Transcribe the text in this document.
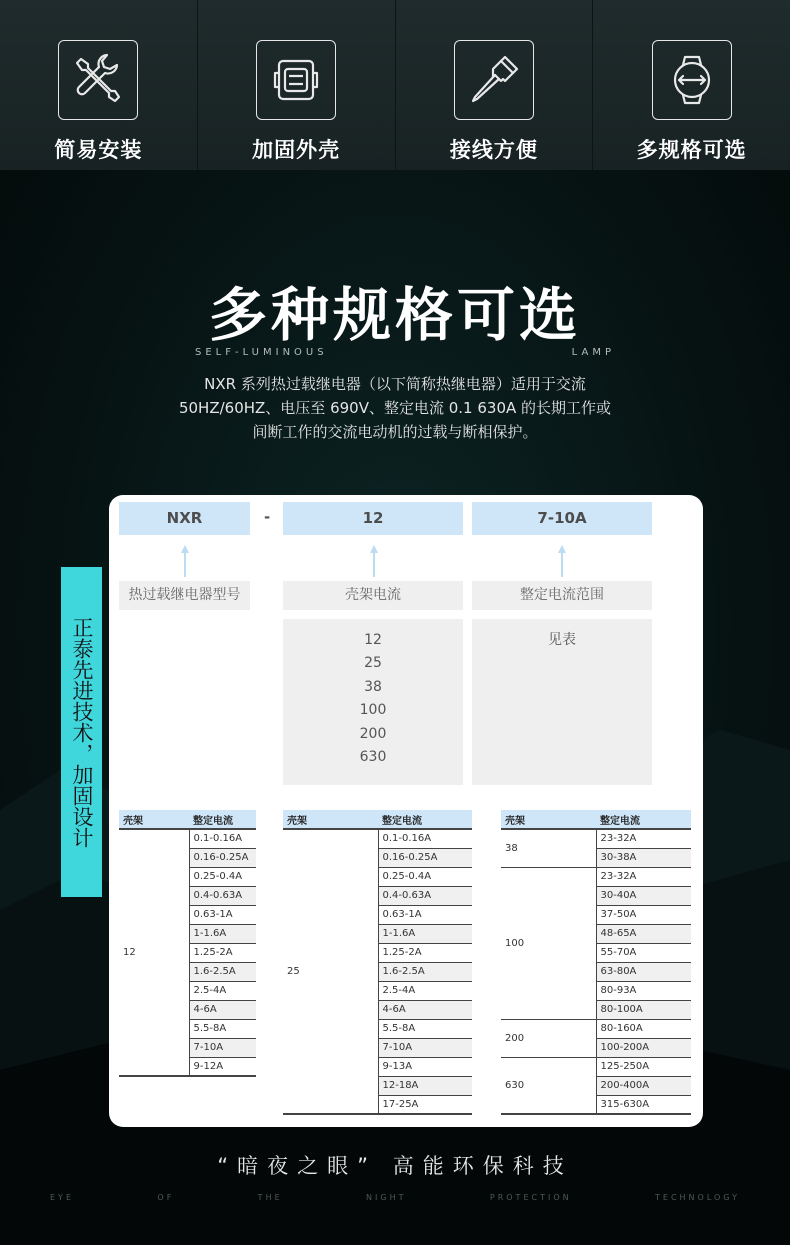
简易安装	加固外壳	接线方便	多规格可选
多种规格可选
SELF-LUMINOUS LAMP
NXR 系列热过载继电器（以下简称热继电器）适用于交流
50HZ/60HZ、电压至 690V、整定电流 0.1 630A 的长期工作或
间断工作的交流电动机的过载与断相保护。
正泰先进技术，加固设计
NXR	-	12	7-10A
热过载继电器型号	壳架电流	整定电流范围
12
25
38
100
200
630
见表
壳架	整定电流
12	0.1-0.16A
	0.16-0.25A
	0.25-0.4A
	0.4-0.63A
	0.63-1A
	1-1.6A
	1.25-2A
	1.6-2.5A
	2.5-4A
	4-6A
	5.5-8A
	7-10A
	9-12A
壳架	整定电流
25	0.1-0.16A
	0.16-0.25A
	0.25-0.4A
	0.4-0.63A
	0.63-1A
	1-1.6A
	1.25-2A
	1.6-2.5A
	2.5-4A
	4-6A
	5.5-8A
	7-10A
	9-13A
	12-18A
	17-25A
壳架	整定电流
38	23-32A
	30-38A
100	23-32A
	30-40A
	37-50A
	48-65A
	55-70A
	63-80A
	80-93A
	80-100A
200	80-160A
	100-200A
630	125-250A
	200-400A
	315-630A
“暗夜之眼” 高能环保科技
EYE OF THE NIGHT PROTECTION TECHNOLOGY
